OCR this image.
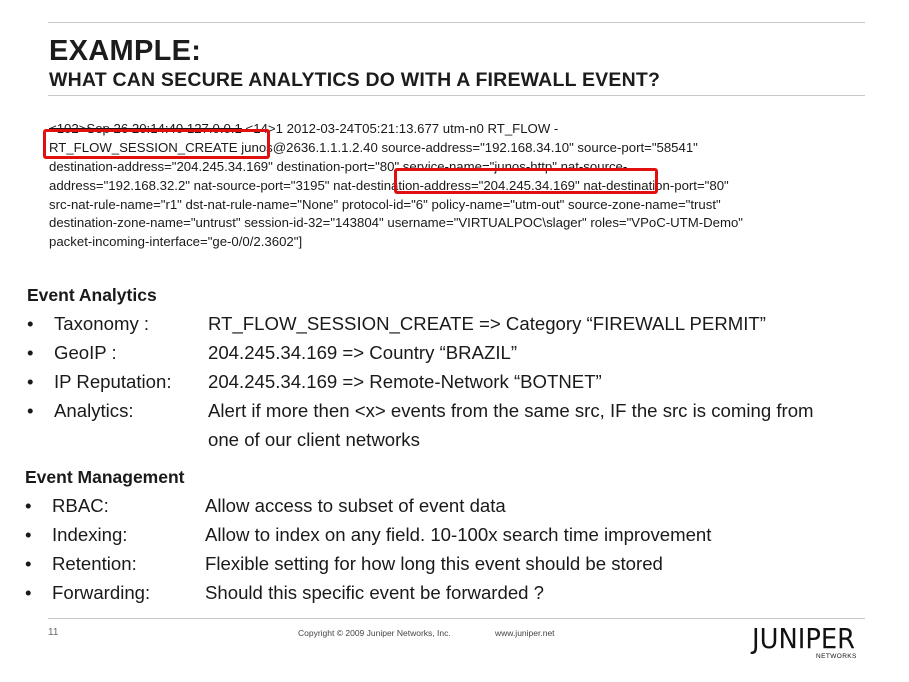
EXAMPLE:
WHAT CAN SECURE ANALYTICS DO WITH A FIREWALL EVENT?
<102>Sep 26 20:14:40 127.0.0.1 <14>1 2012-03-24T05:21:13.677 utm-n0 RT_FLOW -
RT_FLOW_SESSION_CREATE junos@2636.1.1.1.2.40 source-address="192.168.34.10" source-port="58541"
destination-address="204.245.34.169" destination-port="80" service-name="junos-http" nat-source-
address="192.168.32.2" nat-source-port="3195" nat-destination-address="204.245.34.169" nat-destination-port="80"
src-nat-rule-name="r1" dst-nat-rule-name="None" protocol-id="6" policy-name="utm-out" source-zone-name="trust"
destination-zone-name="untrust" session-id-32="143804" username="VIRTUALPOC\slager" roles="VPoC-UTM-Demo"
packet-incoming-interface="ge-0/0/2.3602"]
Event Analytics
• Taxonomy :	RT_FLOW_SESSION_CREATE => Category “FIREWALL PERMIT”
• GeoIP :	204.245.34.169 => Country “BRAZIL”
• IP Reputation: 204.245.34.169 => Remote-Network “BOTNET”
• Analytics:	Alert if more then <x> events from the same src, IF the src is coming from
one of our client networks
Event Management
• RBAC:	Allow access to subset of event data
• Indexing:	Allow to index on any field. 10-100x search time improvement
• Retention:	Flexible setting for how long this event should be stored
• Forwarding:	Should this specific event be forwarded ?
11	Copyright © 2009 Juniper Networks, Inc.	www.juniper.net	JUNIPER
NETWORKS
